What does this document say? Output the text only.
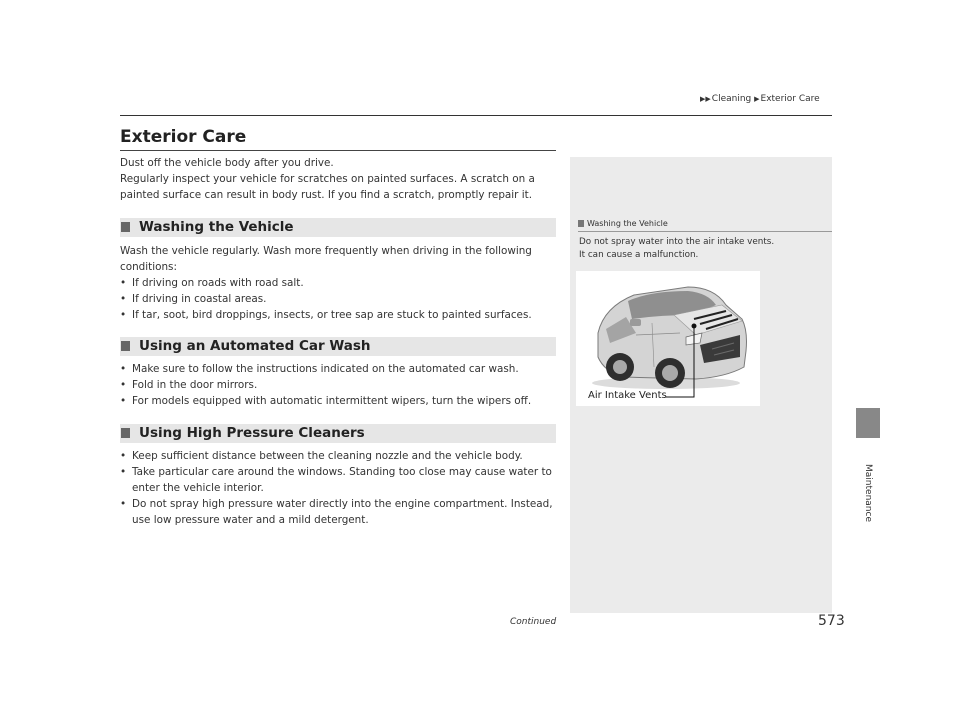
▶▶Cleaning ▶Exterior Care
Exterior Care
Dust off the vehicle body after you drive.
Regularly inspect your vehicle for scratches on painted surfaces. A scratch on a
painted surface can result in body rust. If you find a scratch, promptly repair it.
Washing the Vehicle
Wash the vehicle regularly. Wash more frequently when driving in the following
conditions:
• If driving on roads with road salt.
• If driving in coastal areas.
• If tar, soot, bird droppings, insects, or tree sap are stuck to painted surfaces.
Using an Automated Car Wash
• Make sure to follow the instructions indicated on the automated car wash.
• Fold in the door mirrors.
• For models equipped with automatic intermittent wipers, turn the wipers off.
Using High Pressure Cleaners
• Keep sufficient distance between the cleaning nozzle and the vehicle body.
• Take particular care around the windows. Standing too close may cause water to enter the vehicle interior.
• Do not spray high pressure water directly into the engine compartment. Instead, use low pressure water and a mild detergent.
Washing the Vehicle
Do not spray water into the air intake vents.
It can cause a malfunction.
Air Intake Vents
Maintenance
Continued	573
